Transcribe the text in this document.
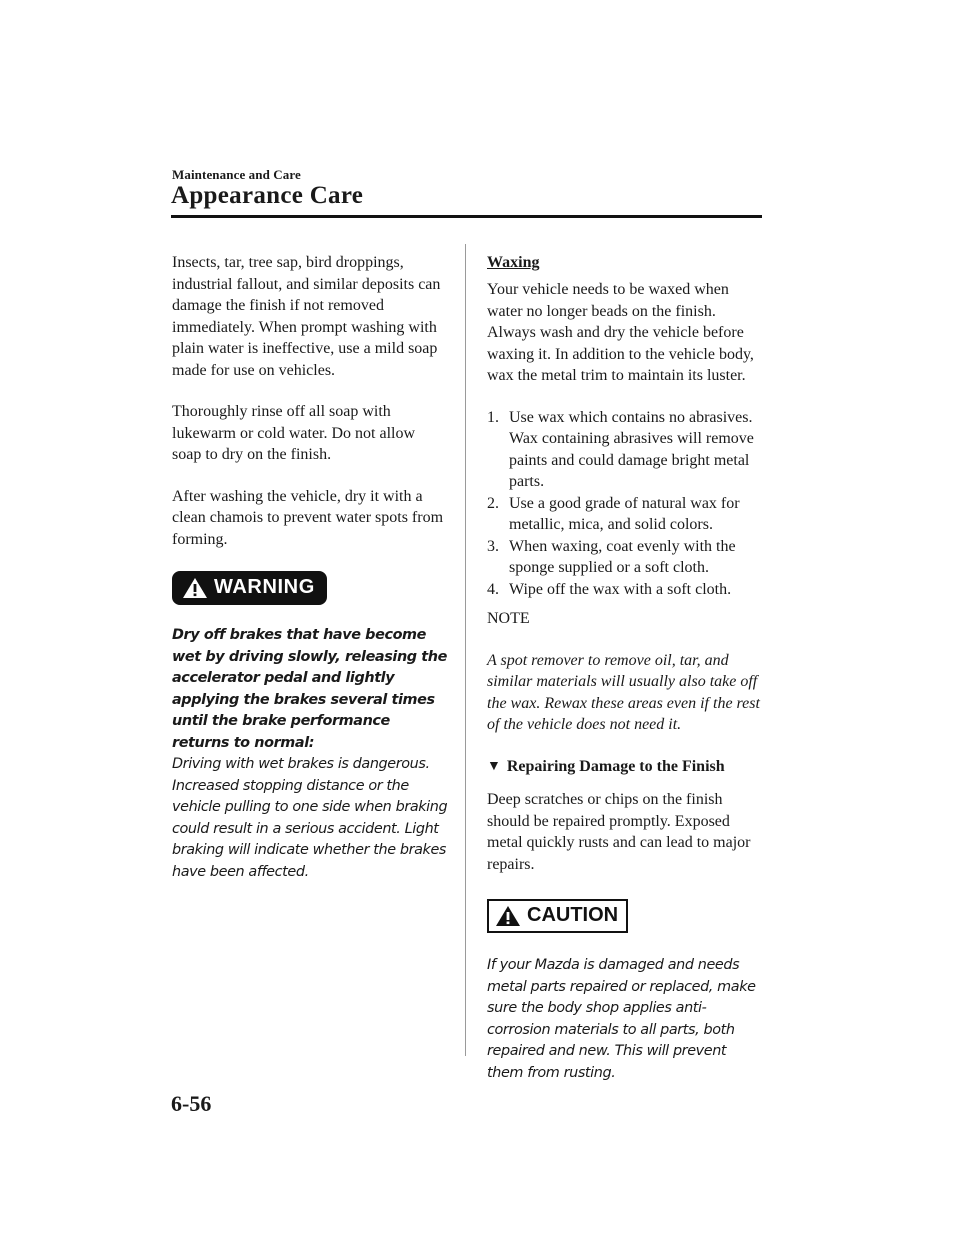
Maintenance and Care
Appearance Care

Insects, tar, tree sap, bird droppings, industrial fallout, and similar deposits can damage the finish if not removed immediately. When prompt washing with plain water is ineffective, use a mild soap made for use on vehicles.

Thoroughly rinse off all soap with lukewarm or cold water. Do not allow soap to dry on the finish.

After washing the vehicle, dry it with a clean chamois to prevent water spots from forming.

WARNING

Dry off brakes that have become wet by driving slowly, releasing the accelerator pedal and lightly applying the brakes several times until the brake performance returns to normal:
Driving with wet brakes is dangerous. Increased stopping distance or the vehicle pulling to one side when braking could result in a serious accident. Light braking will indicate whether the brakes have been affected.

Waxing

Your vehicle needs to be waxed when water no longer beads on the finish. Always wash and dry the vehicle before waxing it. In addition to the vehicle body, wax the metal trim to maintain its luster.

1. Use wax which contains no abrasives. Wax containing abrasives will remove paints and could damage bright metal parts.
2. Use a good grade of natural wax for metallic, mica, and solid colors.
3. When waxing, coat evenly with the sponge supplied or a soft cloth.
4. Wipe off the wax with a soft cloth.

NOTE

A spot remover to remove oil, tar, and similar materials will usually also take off the wax. Rewax these areas even if the rest of the vehicle does not need it.

▼ Repairing Damage to the Finish

Deep scratches or chips on the finish should be repaired promptly. Exposed metal quickly rusts and can lead to major repairs.

CAUTION

If your Mazda is damaged and needs metal parts repaired or replaced, make sure the body shop applies anti-corrosion materials to all parts, both repaired and new. This will prevent them from rusting.

6-56
